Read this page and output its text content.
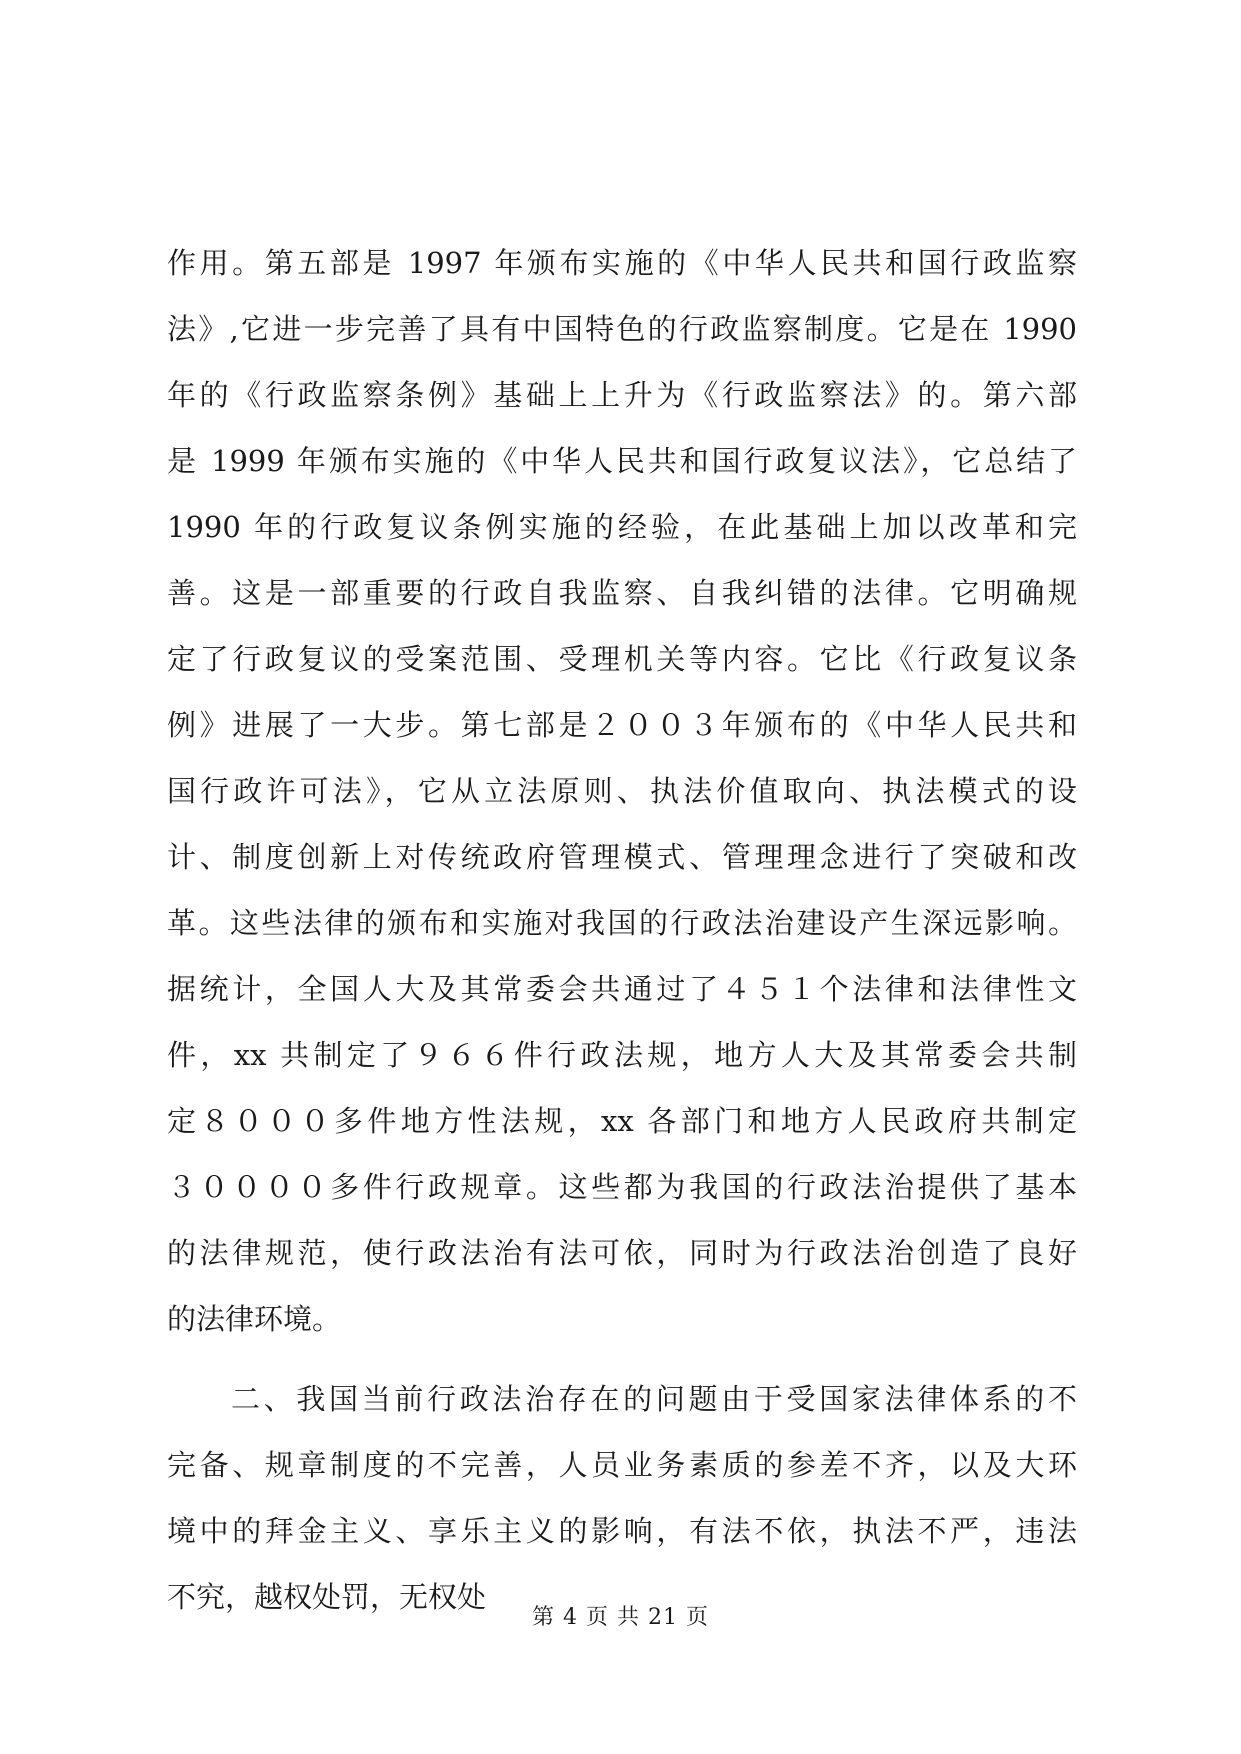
作用。第五部是 1997 年颁布实施的《中华人民共和国行政监察
法》,它进一步完善了具有中国特色的行政监察制度。它是在 1990
年的《行政监察条例》基础上上升为《行政监察法》的。第六部
是 1999 年颁布实施的《中华人民共和国行政复议法》，它总结了
1990 年的行政复议条例实施的经验，在此基础上加以改革和完
善。这是一部重要的行政自我监察、自我纠错的法律。它明确规
定了行政复议的受案范围、受理机关等内容。它比《行政复议条
例》进展了一大步。第七部是２００３年颁布的《中华人民共和
国行政许可法》，它从立法原则、执法价值取向、执法模式的设
计、制度创新上对传统政府管理模式、管理理念进行了突破和改
革。这些法律的颁布和实施对我国的行政法治建设产生深远影响。
据统计，全国人大及其常委会共通过了４５１个法律和法律性文
件，xx 共制定了９６６件行政法规，地方人大及其常委会共制
定８０００多件地方性法规，xx 各部门和地方人民政府共制定
３００００多件行政规章。这些都为我国的行政法治提供了基本
的法律规范，使行政法治有法可依，同时为行政法治创造了良好
的法律环境。
二、我国当前行政法治存在的问题由于受国家法律体系的不
完备、规章制度的不完善，人员业务素质的参差不齐，以及大环
境中的拜金主义、享乐主义的影响，有法不依，执法不严，违法
不究，越权处罚，无权处
第 4 页 共 21 页
